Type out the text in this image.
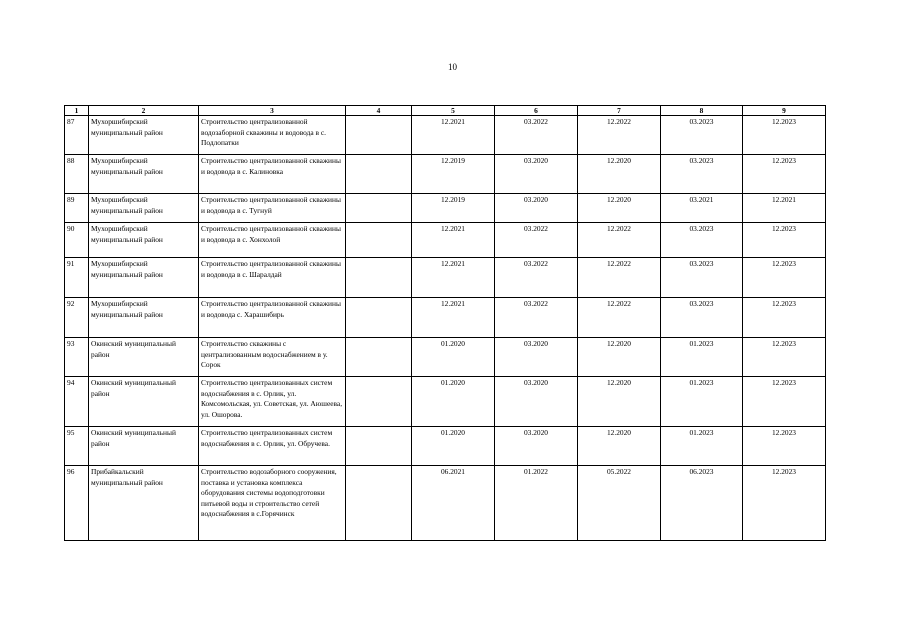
10
1	2	3	4	5	6	7	8	9
87	Мухоршибирский муниципальный район	Строительство централизованной водозаборной скважины и водовода в с. Подлопатки		12.2021	03.2022	12.2022	03.2023	12.2023
88	Мухоршибирский муниципальный район	Строительство централизованной скважины и водовода в с. Калиновка		12.2019	03.2020	12.2020	03.2023	12.2023
89	Мухоршибирский муниципальный район	Строительство централизованной скважины и водовода в с. Тугнуй		12.2019	03.2020	12.2020	03.2021	12.2021
90	Мухоршибирский муниципальный район	Строительство централизованной скважины и водовода в с. Хонхолой		12.2021	03.2022	12.2022	03.2023	12.2023
91	Мухоршибирский муниципальный район	Строительство централизованной скважины и водовода в с. Шаралдай		12.2021	03.2022	12.2022	03.2023	12.2023
92	Мухоршибирский муниципальный район	Строительство централизованной скважины и водовода с. Харашибирь		12.2021	03.2022	12.2022	03.2023	12.2023
93	Окинский муниципальный район	Строительство скважины с централизованным водоснабжением в у. Сорок		01.2020	03.2020	12.2020	01.2023	12.2023
94	Окинский муниципальный район	Строительство централизованных систем водоснабжения в с. Орлик, ул. Комсомольская, ул. Советская, ул. Аюшеева, ул. Ошорова.		01.2020	03.2020	12.2020	01.2023	12.2023
95	Окинский муниципальный район	Строительство централизованных систем водоснабжения в с. Орлик, ул. Обручева.		01.2020	03.2020	12.2020	01.2023	12.2023
96	Прибайкальский муниципальный район	Строительство водозаборного сооружения, поставка и установка комплекса оборудования системы водоподготовки питьевой воды и строительство сетей водоснабжения в с.Горячинск		06.2021	01.2022	05.2022	06.2023	12.2023
